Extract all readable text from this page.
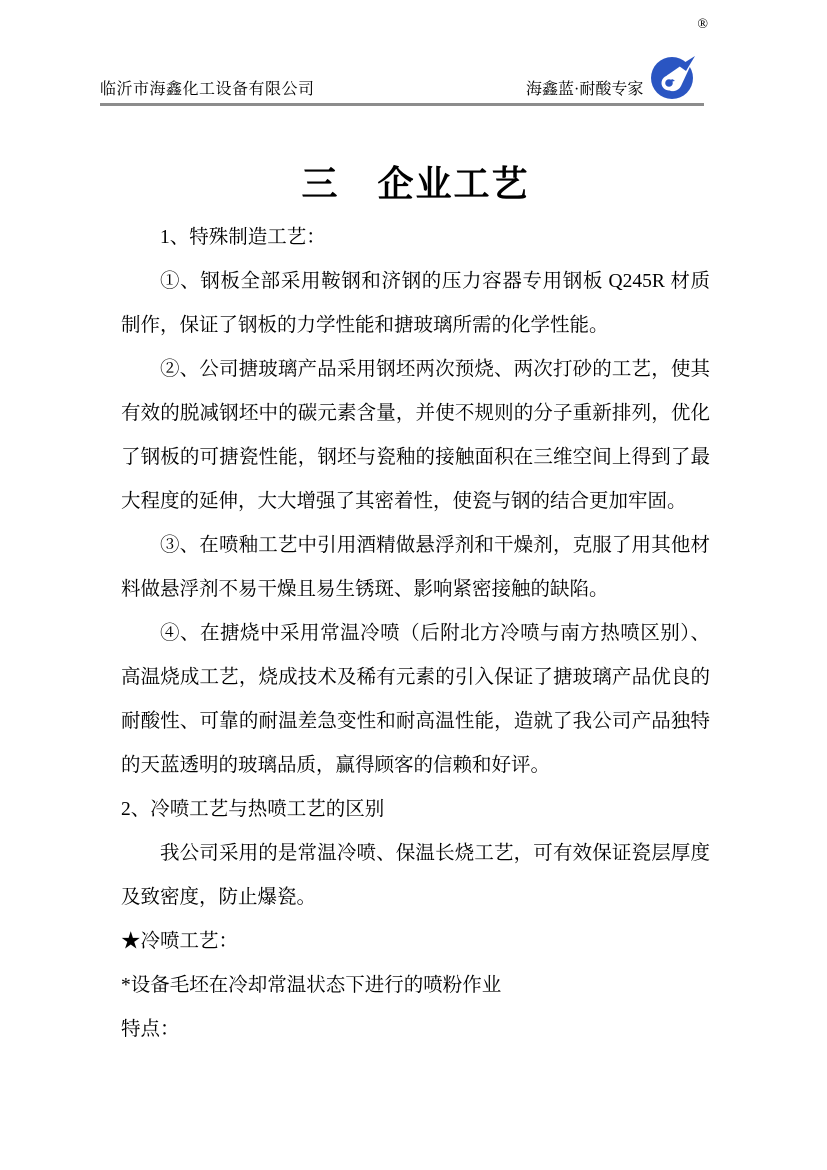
临沂市海鑫化工设备有限公司	海鑫蓝·耐酸专家
®
三　企业工艺

1、特殊制造工艺：

①、钢板全部采用鞍钢和济钢的压力容器专用钢板 Q245R 材质制作，保证了钢板的力学性能和搪玻璃所需的化学性能。

②、公司搪玻璃产品采用钢坯两次预烧、两次打砂的工艺，使其有效的脱减钢坯中的碳元素含量，并使不规则的分子重新排列，优化了钢板的可搪瓷性能，钢坯与瓷釉的接触面积在三维空间上得到了最大程度的延伸，大大增强了其密着性，使瓷与钢的结合更加牢固。

③、在喷釉工艺中引用酒精做悬浮剂和干燥剂，克服了用其他材料做悬浮剂不易干燥且易生锈斑、影响紧密接触的缺陷。

④、在搪烧中采用常温冷喷（后附北方冷喷与南方热喷区别）、高温烧成工艺，烧成技术及稀有元素的引入保证了搪玻璃产品优良的耐酸性、可靠的耐温差急变性和耐高温性能，造就了我公司产品独特的天蓝透明的玻璃品质，赢得顾客的信赖和好评。

2、冷喷工艺与热喷工艺的区别

我公司采用的是常温冷喷、保温长烧工艺，可有效保证瓷层厚度及致密度，防止爆瓷。

★冷喷工艺：

*设备毛坯在冷却常温状态下进行的喷粉作业

特点：
